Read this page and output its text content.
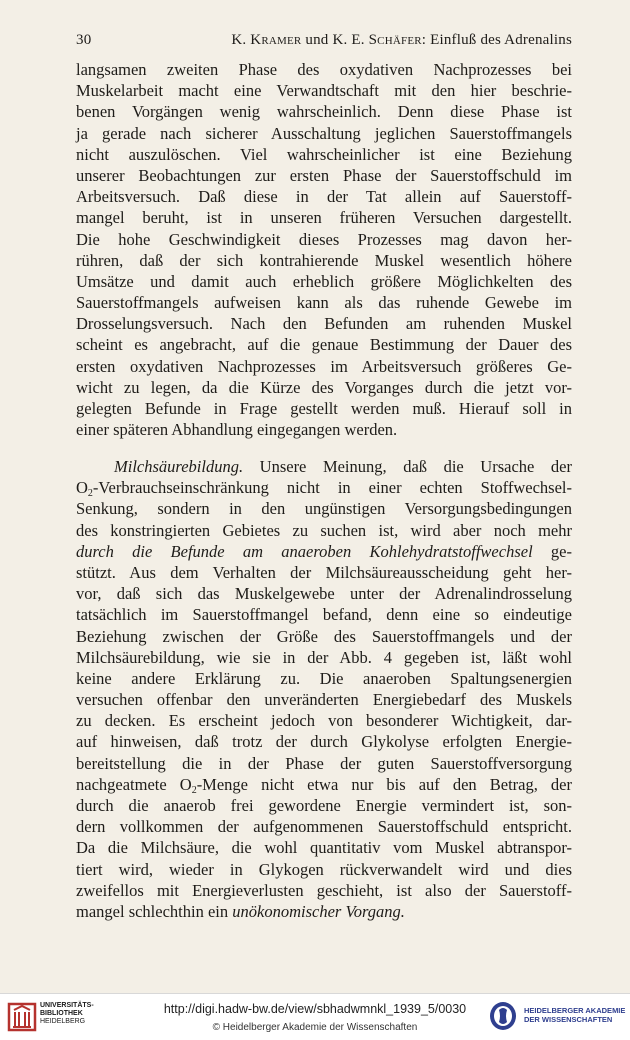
30	K. Kramer und K. E. Schäfer: Einfluß des Adrenalins
langsamen zweiten Phase des oxydativen Nachprozesses bei
Muskelarbeit macht eine Verwandtschaft mit den hier beschrie-
benen Vorgängen wenig wahrscheinlich. Denn diese Phase ist
ja gerade nach sicherer Ausschaltung jeglichen Sauerstoffmangels
nicht auszulöschen. Viel wahrscheinlicher ist eine Beziehung
unserer Beobachtungen zur ersten Phase der Sauerstoffschuld im
Arbeitsversuch. Daß diese in der Tat allein auf Sauerstoff-
mangel beruht, ist in unseren früheren Versuchen dargestellt.
Die hohe Geschwindigkeit dieses Prozesses mag davon her-
rühren, daß der sich kontrahierende Muskel wesentlich höhere
Umsätze und damit auch erheblich größere Möglichkelten des
Sauerstoffmangels aufweisen kann als das ruhende Gewebe im
Drosselungsversuch. Nach den Befunden am ruhenden Muskel
scheint es angebracht, auf die genaue Bestimmung der Dauer des
ersten oxydativen Nachprozesses im Arbeitsversuch größeres Ge-
wicht zu legen, da die Kürze des Vorganges durch die jetzt vor-
gelegten Befunde in Frage gestellt werden muß. Hierauf soll in
einer späteren Abhandlung eingegangen werden.
Milchsäurebildung. Unsere Meinung, daß die Ursache der
$O_2$-Verbrauchseinschränkung nicht in einer echten Stoffwechsel-
Senkung, sondern in den ungünstigen Versorgungsbedingungen
des konstringierten Gebietes zu suchen ist, wird aber noch mehr
durch die Befunde am anaeroben Kohlehydratstoffwechsel ge-
stützt. Aus dem Verhalten der Milchsäureausscheidung geht her-
vor, daß sich das Muskelgewebe unter der Adrenalindrosselung
tatsächlich im Sauerstoffmangel befand, denn eine so eindeutige
Beziehung zwischen der Größe des Sauerstoffmangels und der
Milchsäurebildung, wie sie in der Abb. 4 gegeben ist, läßt wohl
keine andere Erklärung zu. Die anaeroben Spaltungsenergien
versuchen offenbar den unveränderten Energiebedarf des Muskels
zu decken. Es erscheint jedoch von besonderer Wichtigkeit, dar-
auf hinweisen, daß trotz der durch Glykolyse erfolgten Energie-
bereitstellung die in der Phase der guten Sauerstoffversorgung
nachgeatmete $O_2$-Menge nicht etwa nur bis auf den Betrag, der
durch die anaerob frei gewordene Energie vermindert ist, son-
dern vollkommen der aufgenommenen Sauerstoffschuld entspricht.
Da die Milchsäure, die wohl quantitativ vom Muskel abtranspor-
tiert wird, wieder in Glykogen rückverwandelt wird und dies
zweifellos mit Energieverlusten geschieht, ist also der Sauerstoff-
mangel schlechthin ein unökonomischer Vorgang.
UNIVERSITÄTS-
BIBLIOTHEK
HEIDELBERG
http://digi.hadw-bw.de/view/sbhadwmnkl_1939_5/0030
© Heidelberger Akademie der Wissenschaften
HEIDELBERGER AKADEMIE
DER WISSENSCHAFTEN
